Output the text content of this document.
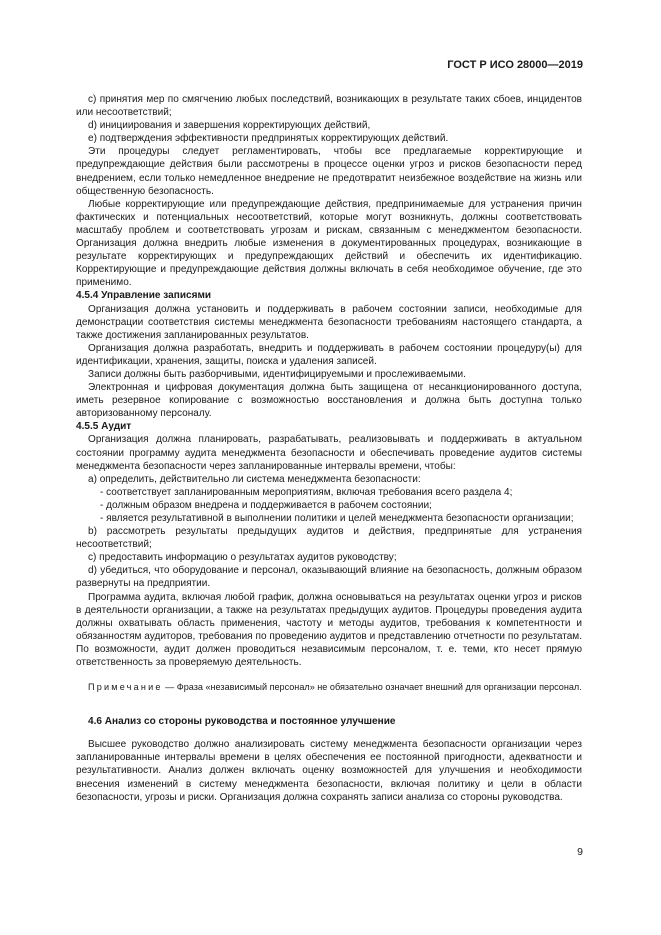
ГОСТ Р ИСО 28000—2019

c) принятия мер по смягчению любых последствий, возникающих в результате таких сбоев, инцидентов или несоответствий;

d) инициирования и завершения корректирующих действий,

e) подтверждения эффективности предпринятых корректирующих действий.

Эти процедуры следует регламентировать, чтобы все предлагаемые корректирующие и предупреждающие действия были рассмотрены в процессе оценки угроз и рисков безопасности перед внедрением, если только немедленное внедрение не предотвратит неизбежное воздействие на жизнь или общественную безопасность.

Любые корректирующие или предупреждающие действия, предпринимаемые для устранения причин фактических и потенциальных несоответствий, которые могут возникнуть, должны соответствовать масштабу проблем и соответствовать угрозам и рискам, связанным с менеджментом безопасности. Организация должна внедрить любые изменения в документированных процедурах, возникающие в результате корректирующих и предупреждающих действий и обеспечить их идентификацию. Корректирующие и предупреждающие действия должны включать в себя необходимое обучение, где это применимо.

4.5.4 Управление записями

Организация должна установить и поддерживать в рабочем состоянии записи, необходимые для демонстрации соответствия системы менеджмента безопасности требованиям настоящего стандарта, а также достижения запланированных результатов.

Организация должна разработать, внедрить и поддерживать в рабочем состоянии процедуру(ы) для идентификации, хранения, защиты, поиска и удаления записей.

Записи должны быть разборчивыми, идентифицируемыми и прослеживаемыми.

Электронная и цифровая документация должна быть защищена от несанкционированного доступа, иметь резервное копирование с возможностью восстановления и должна быть доступна только авторизованному персоналу.

4.5.5 Аудит

Организация должна планировать, разрабатывать, реализовывать и поддерживать в актуальном состоянии программу аудита менеджмента безопасности и обеспечивать проведение аудитов системы менеджмента безопасности через запланированные интервалы времени, чтобы:

a) определить, действительно ли система менеджмента безопасности:

- соответствует запланированным мероприятиям, включая требования всего раздела 4;

- должным образом внедрена и поддерживается в рабочем состоянии;

- является результативной в выполнении политики и целей менеджмента безопасности организации;

b) рассмотреть результаты предыдущих аудитов и действия, предпринятые для устранения несоответствий;

c) предоставить информацию о результатах аудитов руководству;

d) убедиться, что оборудование и персонал, оказывающий влияние на безопасность, должным образом развернуты на предприятии.

Программа аудита, включая любой график, должна основываться на результатах оценки угроз и рисков в деятельности организации, а также на результатах предыдущих аудитов. Процедуры проведения аудита должны охватывать область применения, частоту и методы аудитов, требования к компетентности и обязанностям аудиторов, требования по проведению аудитов и представлению отчетности по результатам. По возможности, аудит должен проводиться независимым персоналом, т. е. теми, кто несет прямую ответственность за проверяемую деятельность.

Примечание — Фраза «независимый персонал» не обязательно означает внешний для организации персонал.

4.6 Анализ со стороны руководства и постоянное улучшение

Высшее руководство должно анализировать систему менеджмента безопасности организации через запланированные интервалы времени в целях обеспечения ее постоянной пригодности, адекватности и результативности. Анализ должен включать оценку возможностей для улучшения и необходимости внесения изменений в систему менеджмента безопасности, включая политику и цели в области безопасности, угрозы и риски. Организация должна сохранять записи анализа со стороны руководства.

9
